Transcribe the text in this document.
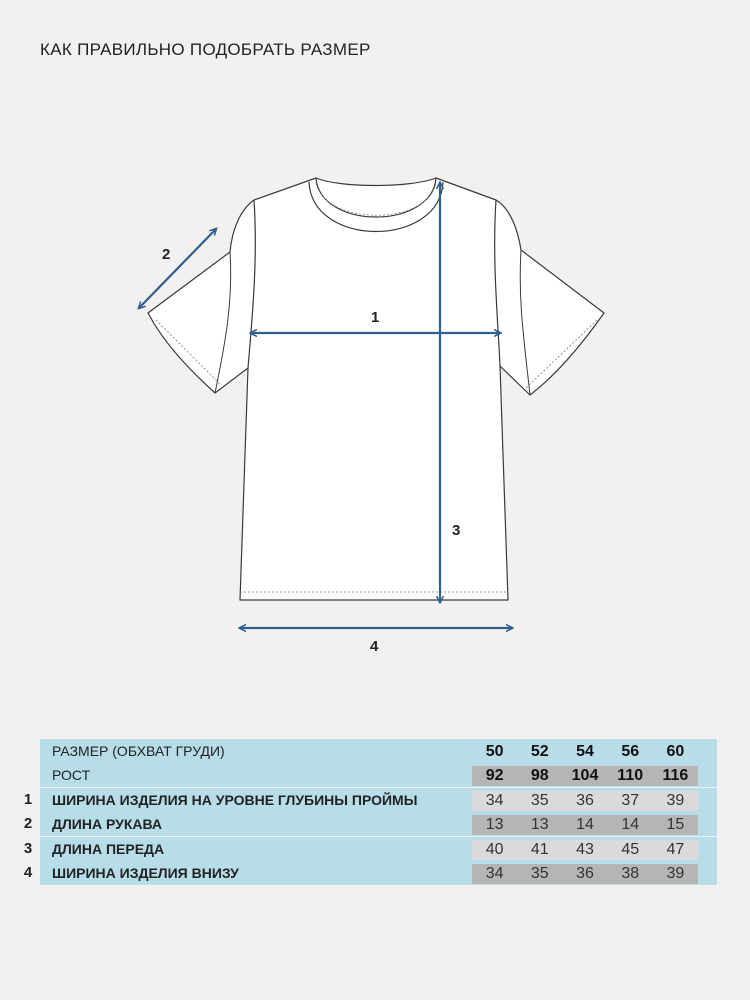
КАК ПРАВИЛЬНО ПОДОБРАТЬ РАЗМЕР
1
2
3
4
РАЗМЕР (ОБХВАТ ГРУДИ)	50	52	54	56	60
РОСТ	92	98	104	110	116
1	ШИРИНА ИЗДЕЛИЯ НА УРОВНЕ ГЛУБИНЫ ПРОЙМЫ	34	35	36	37	39
2	ДЛИНА РУКАВА	13	13	14	14	15
3	ДЛИНА ПЕРЕДА	40	41	43	45	47
4	ШИРИНА ИЗДЕЛИЯ ВНИЗУ	34	35	36	38	39
